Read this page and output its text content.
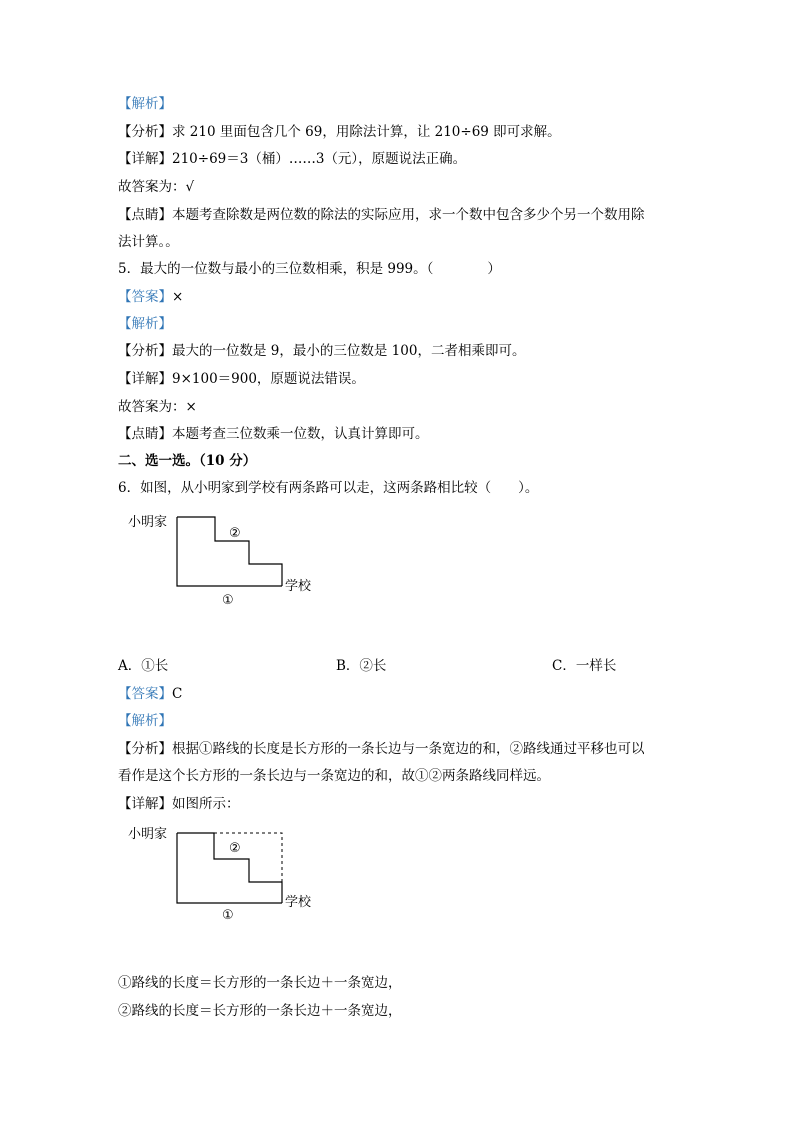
【解析】
【分析】求 210 里面包含几个 69，用除法计算，让 210÷69 即可求解。
【详解】210÷69＝3（桶）……3（元），原题说法正确。
故答案为：√
【点睛】本题考查除数是两位数的除法的实际应用，求一个数中包含多少个另一个数用除
法计算。。
5．最大的一位数与最小的三位数相乘，积是 999。（　　　　）
【答案】×
【解析】
【分析】最大的一位数是 9，最小的三位数是 100，二者相乘即可。
【详解】9×100＝900，原题说法错误。
故答案为：×
【点睛】本题考查三位数乘一位数，认真计算即可。
二、选一选。（10 分）
6．如图，从小明家到学校有两条路可以走，这两条路相比较（　　）。
小明家
②
学校
①
小明家
②
学校
①
A．①长	B．②长	C．一样长
【答案】C
【解析】
【分析】根据①路线的长度是长方形的一条长边与一条宽边的和，②路线通过平移也可以
看作是这个长方形的一条长边与一条宽边的和，故①②两条路线同样远。
【详解】如图所示：
①路线的长度＝长方形的一条长边＋一条宽边，
②路线的长度＝长方形的一条长边＋一条宽边，
